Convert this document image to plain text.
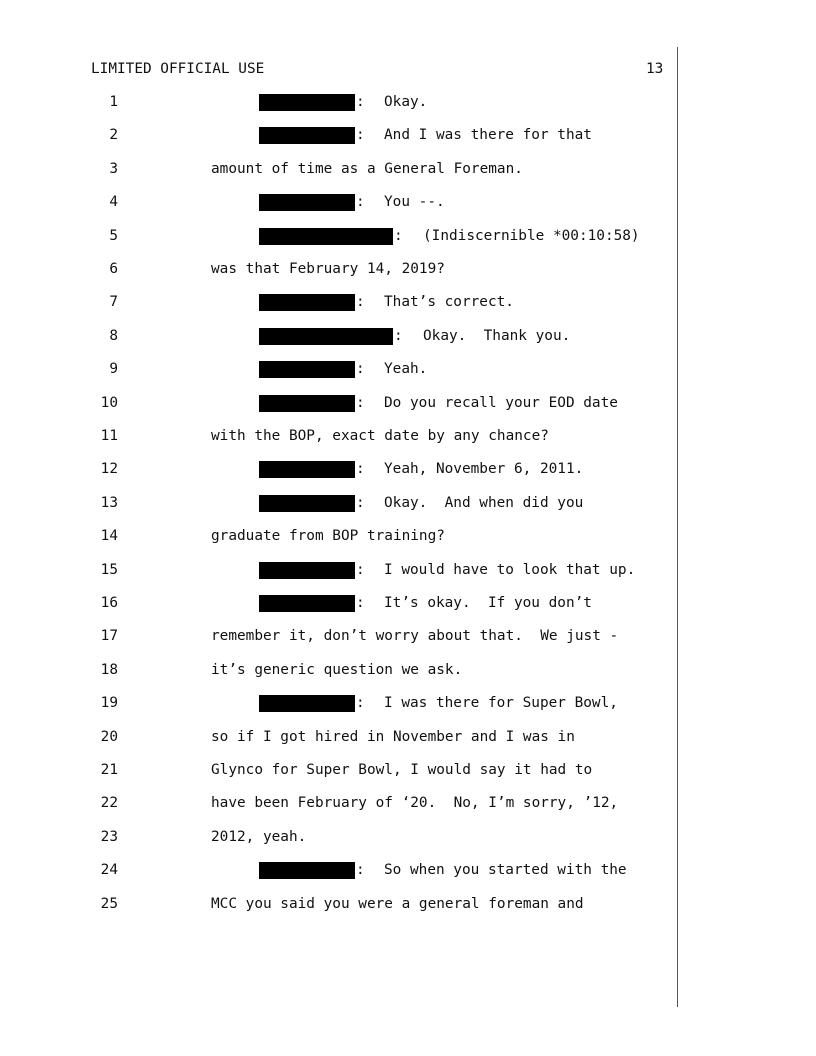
LIMITED OFFICIAL USE	13
1	: Okay.
2	: And I was there for that
3	amount of time as a General Foreman.
4	: You --.
5	: (Indiscernible *00:10:58)
6	was that February 14, 2019?
7	: That’s correct.
8	: Okay.  Thank you.
9	: Yeah.
10	: Do you recall your EOD date
11	with the BOP, exact date by any chance?
12	: Yeah, November 6, 2011.
13	: Okay.  And when did you
14	graduate from BOP training?
15	: I would have to look that up.
16	: It’s okay.  If you don’t
17	remember it, don’t worry about that.  We just -
18	it’s generic question we ask.
19	: I was there for Super Bowl,
20	so if I got hired in November and I was in
21	Glynco for Super Bowl, I would say it had to
22	have been February of ‘20.  No, I’m sorry, ’12,
23	2012, yeah.
24	: So when you started with the
25	MCC you said you were a general foreman and
